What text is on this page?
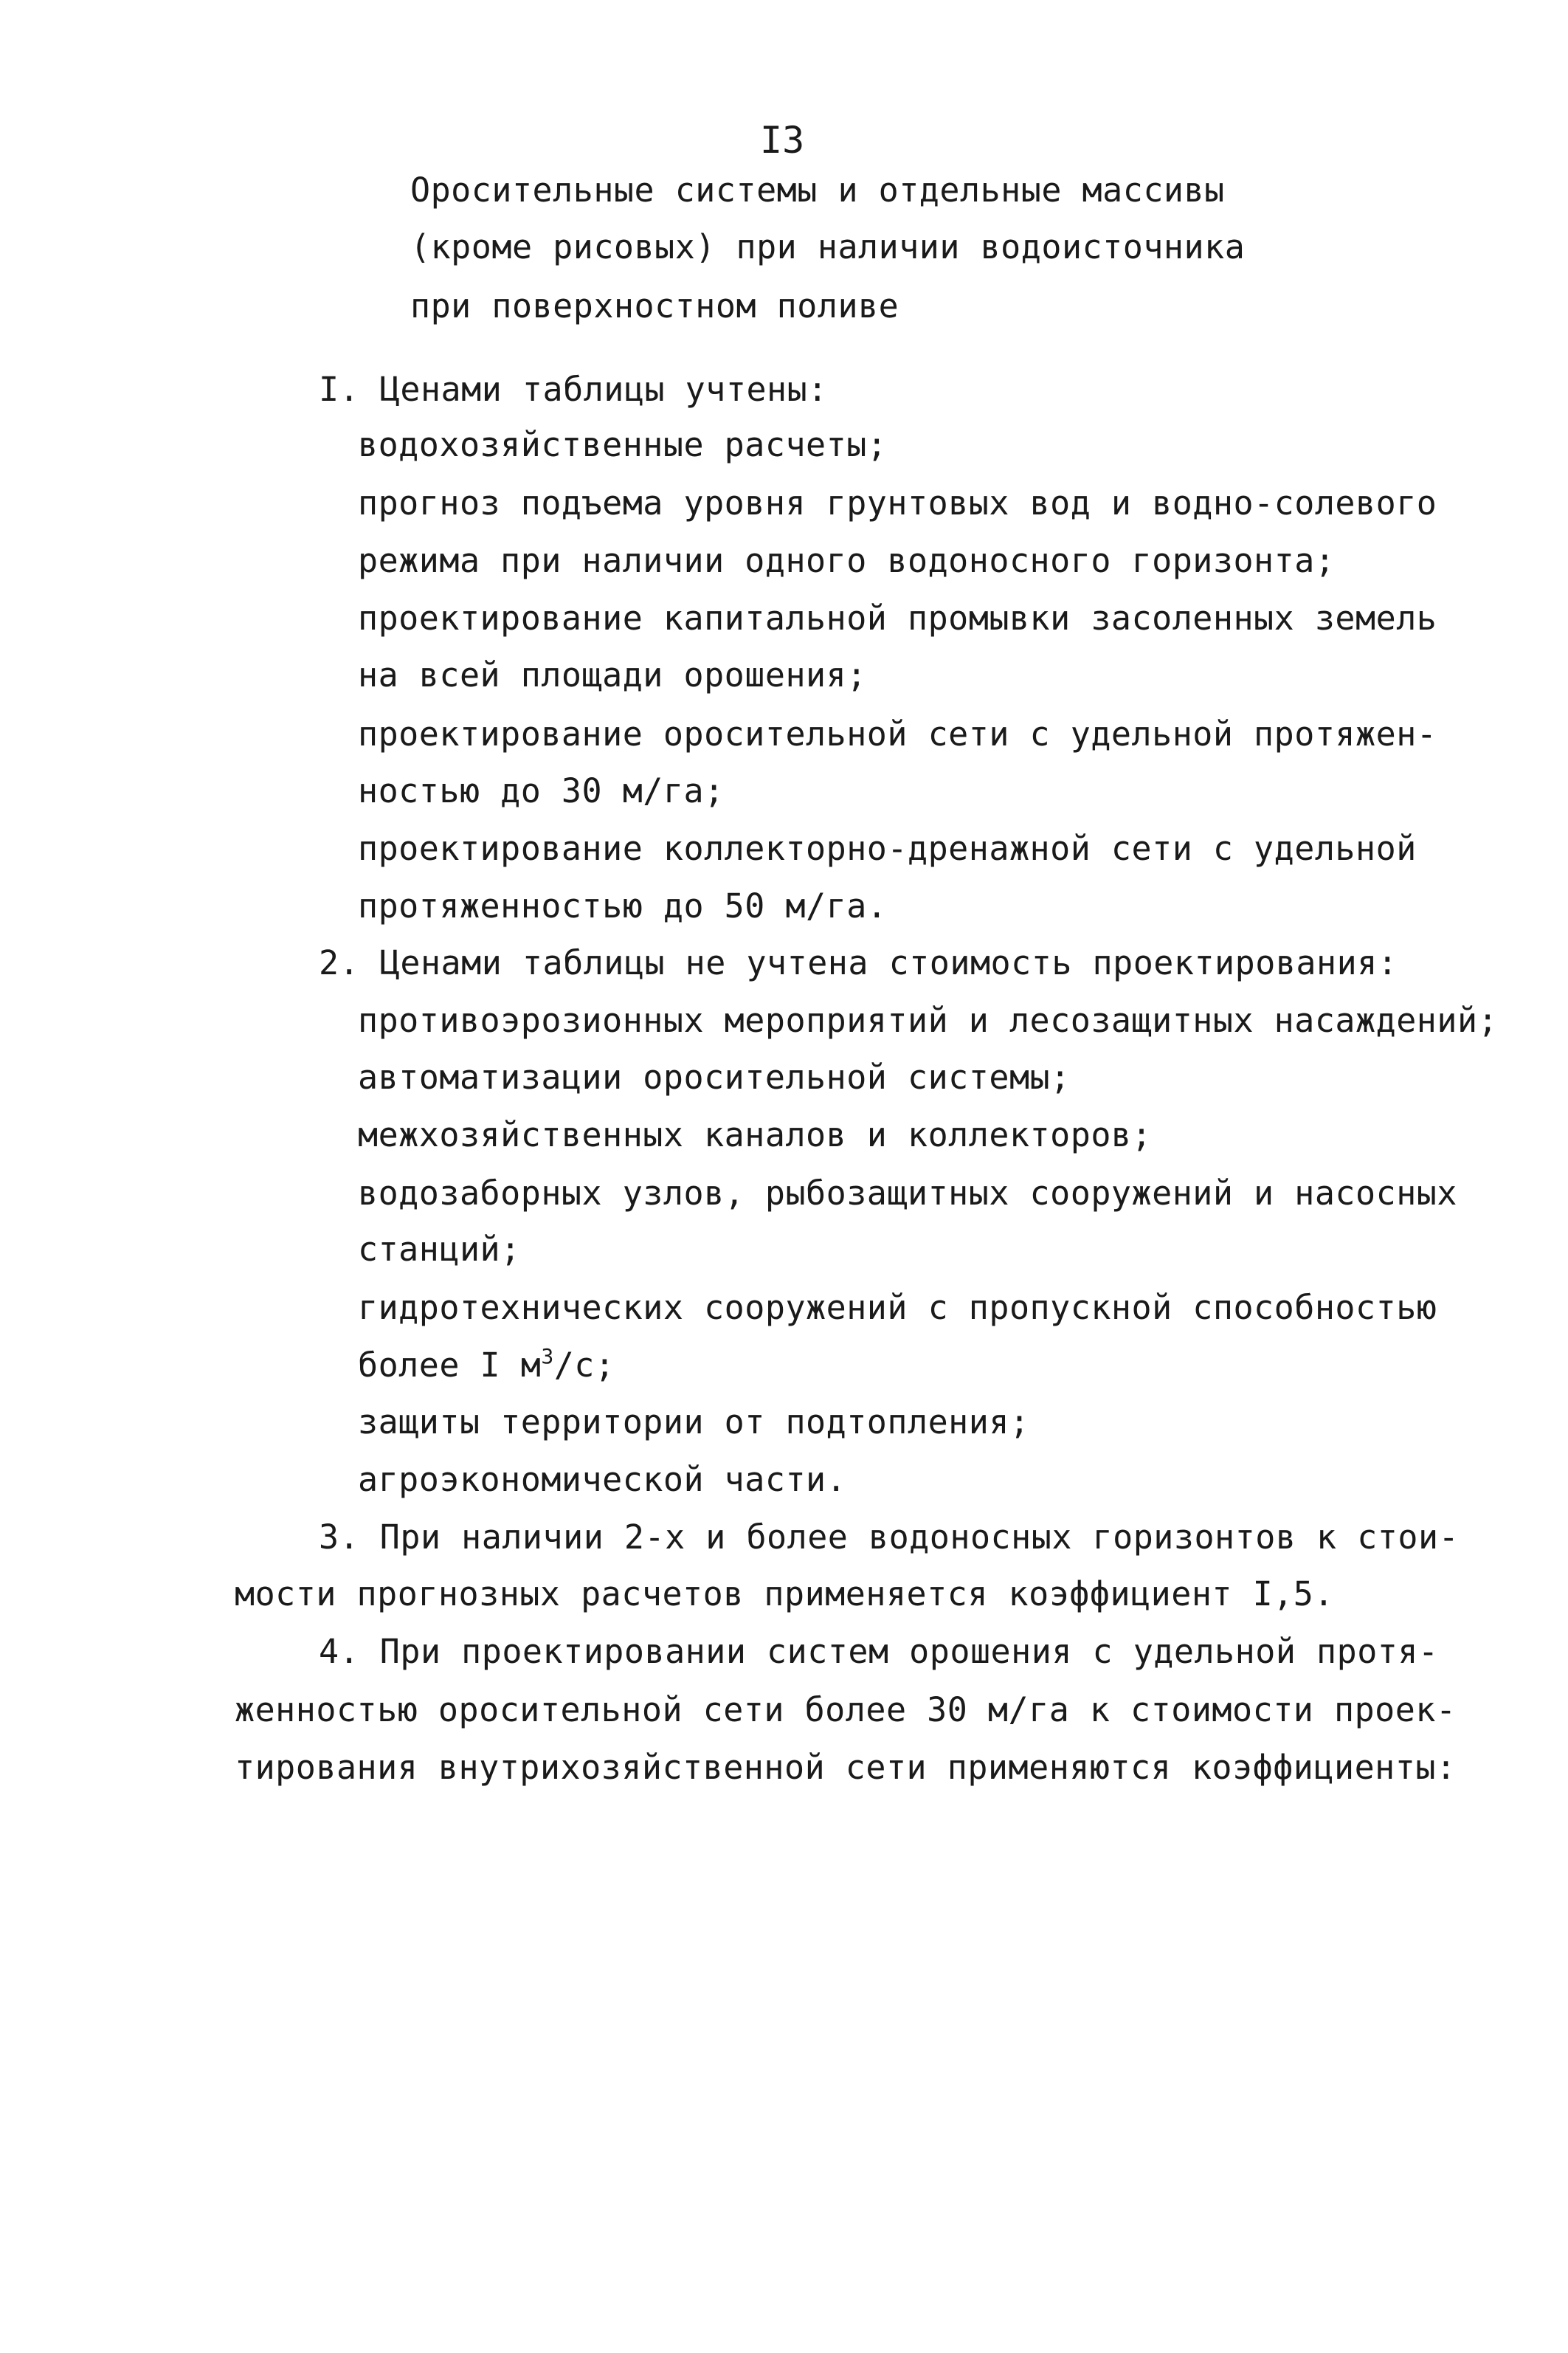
I3
Оросительные системы и отдельные массивы
(кроме рисовых) при наличии водоисточника
при поверхностном поливе
I. Ценами таблицы учтены:
водохозяйственные расчеты;
прогноз подъема уровня грунтовых вод и водно-солевого
режима при наличии одного водоносного горизонта;
проектирование капитальной промывки засоленных земель
на всей площади орошения;
проектирование оросительной сети с удельной протяжен-
ностью до 30 м/га;
проектирование коллекторно-дренажной сети с удельной
протяженностью до 50 м/га.
2. Ценами таблицы не учтена стоимость проектирования:
противоэрозионных мероприятий и лесозащитных насаждений;
автоматизации оросительной системы;
межхозяйственных каналов и коллекторов;
водозаборных узлов, рыбозащитных сооружений и насосных
станций;
гидротехнических сооружений с пропускной способностью
более I $м^3/с$;
защиты территории от подтопления;
агроэкономической части.
3. При наличии 2-х и более водоносных горизонтов к стои-
мости прогнозных расчетов применяется коэффициент I,5.
4. При проектировании систем орошения с удельной протя-
женностью оросительной сети более 30 м/га к стоимости проек-
тирования внутрихозяйственной сети применяются коэффициенты:
